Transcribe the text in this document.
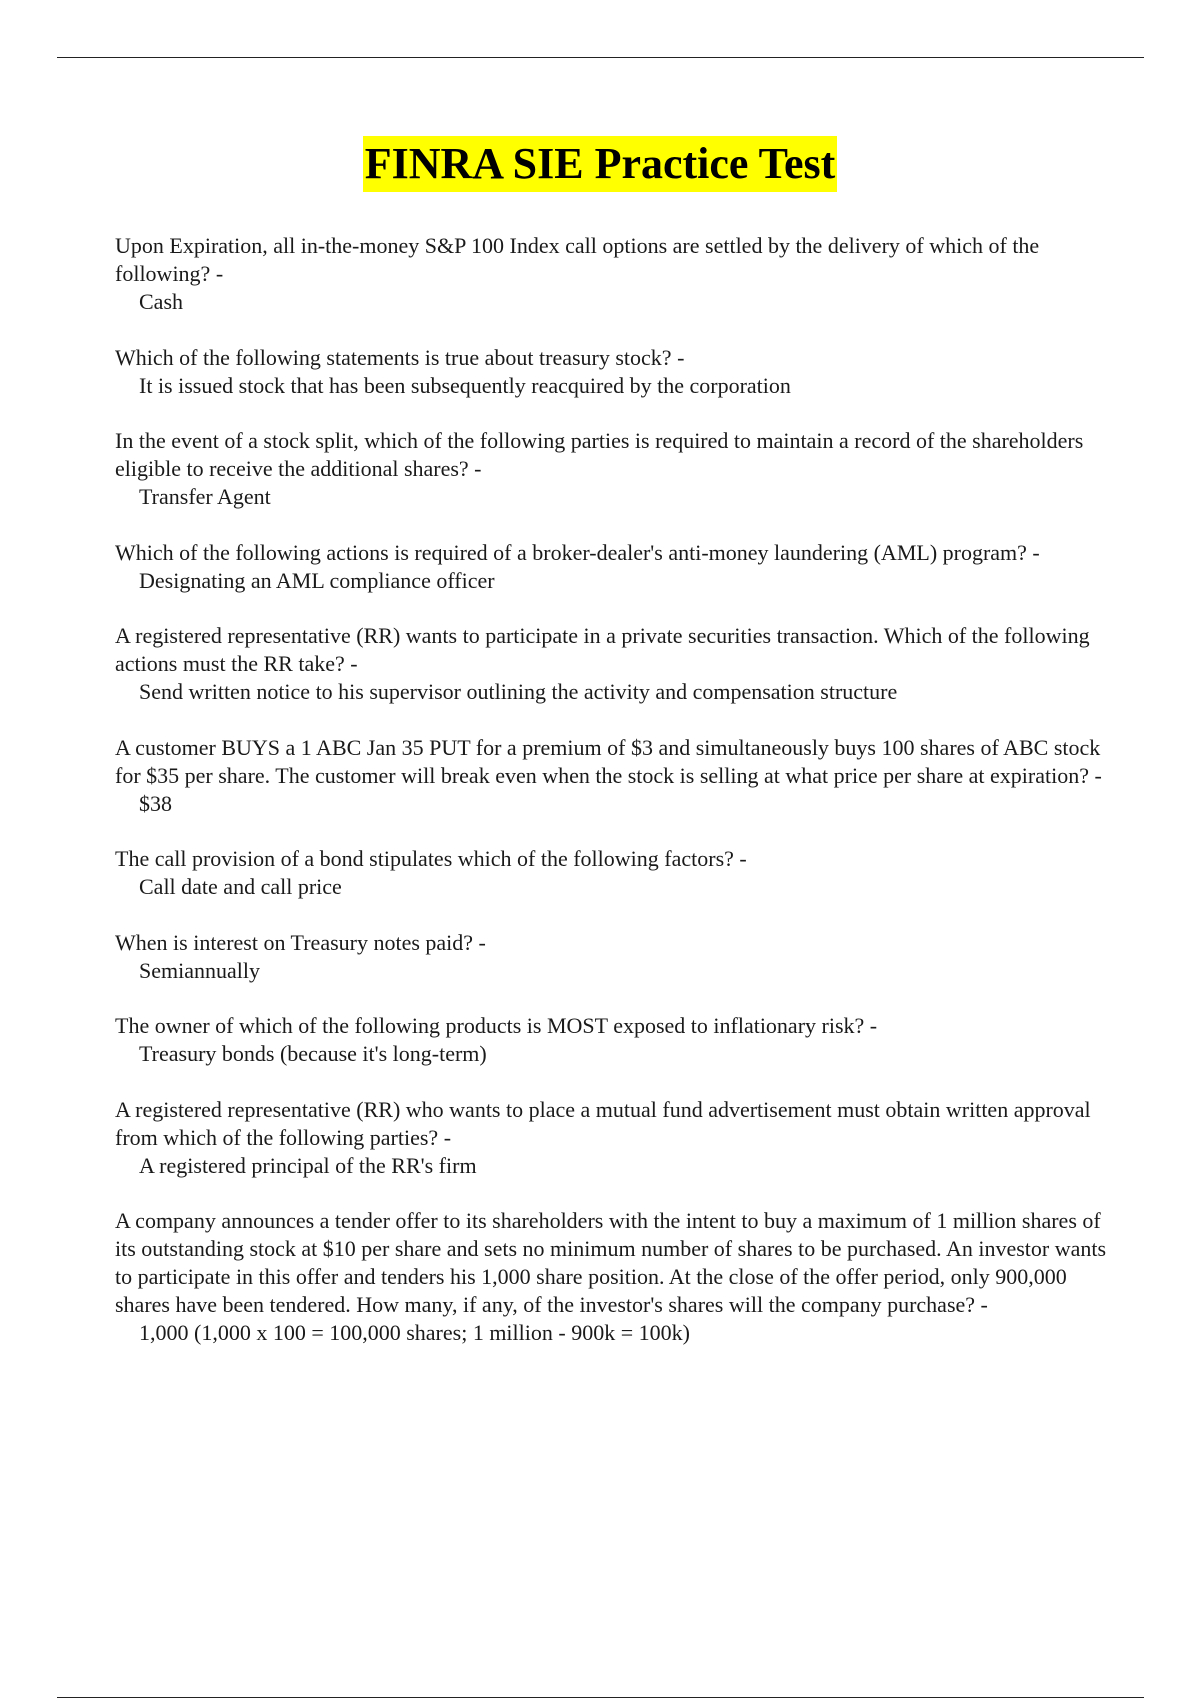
FINRA SIE Practice Test

Upon Expiration, all in-the-money S&P 100 Index call options are settled by the delivery of which of the following? -

Cash

Which of the following statements is true about treasury stock? -

It is issued stock that has been subsequently reacquired by the corporation

In the event of a stock split, which of the following parties is required to maintain a record of the shareholders eligible to receive the additional shares? -

Transfer Agent

Which of the following actions is required of a broker-dealer's anti-money laundering (AML) program? -

Designating an AML compliance officer

A registered representative (RR) wants to participate in a private securities transaction. Which of the following actions must the RR take? -

Send written notice to his supervisor outlining the activity and compensation structure

A customer BUYS a 1 ABC Jan 35 PUT for a premium of $3 and simultaneously buys 100 shares of ABC stock for $35 per share. The customer will break even when the stock is selling at what price per share at expiration? -

$38

The call provision of a bond stipulates which of the following factors? -

Call date and call price

When is interest on Treasury notes paid? -

Semiannually

The owner of which of the following products is MOST exposed to inflationary risk? -

Treasury bonds (because it's long-term)

A registered representative (RR) who wants to place a mutual fund advertisement must obtain written approval from which of the following parties? -

A registered principal of the RR's firm

A company announces a tender offer to its shareholders with the intent to buy a maximum of 1 million shares of its outstanding stock at $10 per share and sets no minimum number of shares to be purchased. An investor wants to participate in this offer and tenders his 1,000 share position. At the close of the offer period, only 900,000 shares have been tendered. How many, if any, of the investor's shares will the company purchase? -

1,000 (1,000 x 100 = 100,000 shares; 1 million - 900k = 100k)
